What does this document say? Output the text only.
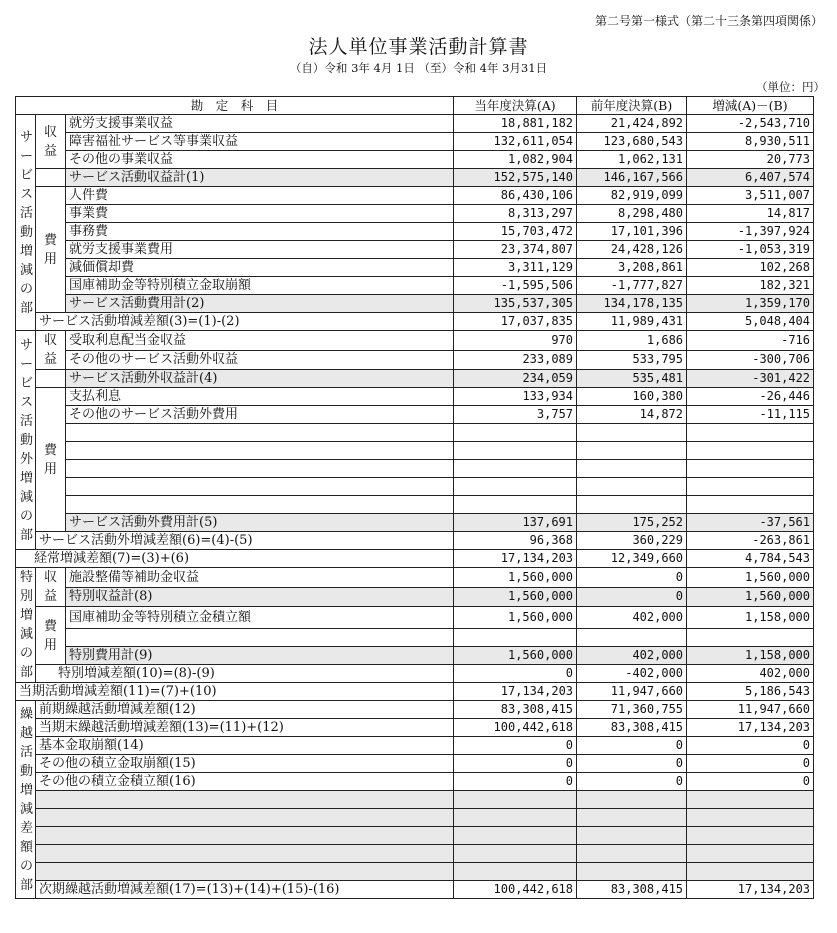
第二号第一様式（第二十三条第四項関係）
法人単位事業活動計算書
（自）令和 3年 4月 1日 （至）令和 4年 3月31日
（単位：円）
勘　定　科　目			当年度決算(A)	前年度決算(B)	増減(A)－(B)
サービス活動増減の部	収益	就労支援事業収益	18,881,182	21,424,892	-2,543,710
		障害福祉サービス等事業収益	132,611,054	123,680,543	8,930,511
		その他の事業収益	1,082,904	1,062,131	20,773
		サービス活動収益計(1)	152,575,140	146,167,566	6,407,574
	費用	人件費	86,430,106	82,919,099	3,511,007
		事業費	8,313,297	8,298,480	14,817
		事務費	15,703,472	17,101,396	-1,397,924
		就労支援事業費用	23,374,807	24,428,126	-1,053,319
		減価償却費	3,311,129	3,208,861	102,268
		国庫補助金等特別積立金取崩額	-1,595,506	-1,777,827	182,321
		サービス活動費用計(2)	135,537,305	134,178,135	1,359,170
	サービス活動増減差額(3)=(1)-(2)		17,037,835	11,989,431	5,048,404
サービス活動外増減の部	収益	受取利息配当金収益	970	1,686	-716
		その他のサービス活動外収益	233,089	533,795	-300,706
		サービス活動外収益計(4)	234,059	535,481	-301,422
	費用	支払利息	133,934	160,380	-26,446
		その他のサービス活動外費用	3,757	14,872	-11,115

		サービス活動外費用計(5)	137,691	175,252	-37,561
	サービス活動外増減差額(6)=(4)-(5)		96,368	360,229	-263,861
経常増減差額(7)=(3)+(6)			17,134,203	12,349,660	4,784,543
特別増減の部	収益	施設整備等補助金収益	1,560,000	0	1,560,000
		特別収益計(8)	1,560,000	0	1,560,000
	費用	国庫補助金等特別積立金積立額	1,560,000	402,000	1,158,000

		特別費用計(9)	1,560,000	402,000	1,158,000
	特別増減差額(10)=(8)-(9)		0	-402,000	402,000
当期活動増減差額(11)=(7)+(10)			17,134,203	11,947,660	5,186,543
繰越活動増減差額の部	前期繰越活動増減差額(12)		83,308,415	71,360,755	11,947,660
	当期末繰越活動増減差額(13)=(11)+(12)		100,442,618	83,308,415	17,134,203
	基本金取崩額(14)		0	0	0
	その他の積立金取崩額(15)		0	0	0
	その他の積立金積立額(16)		0	0	0

	次期繰越活動増減差額(17)=(13)+(14)+(15)-(16)		100,442,618	83,308,415	17,134,203
